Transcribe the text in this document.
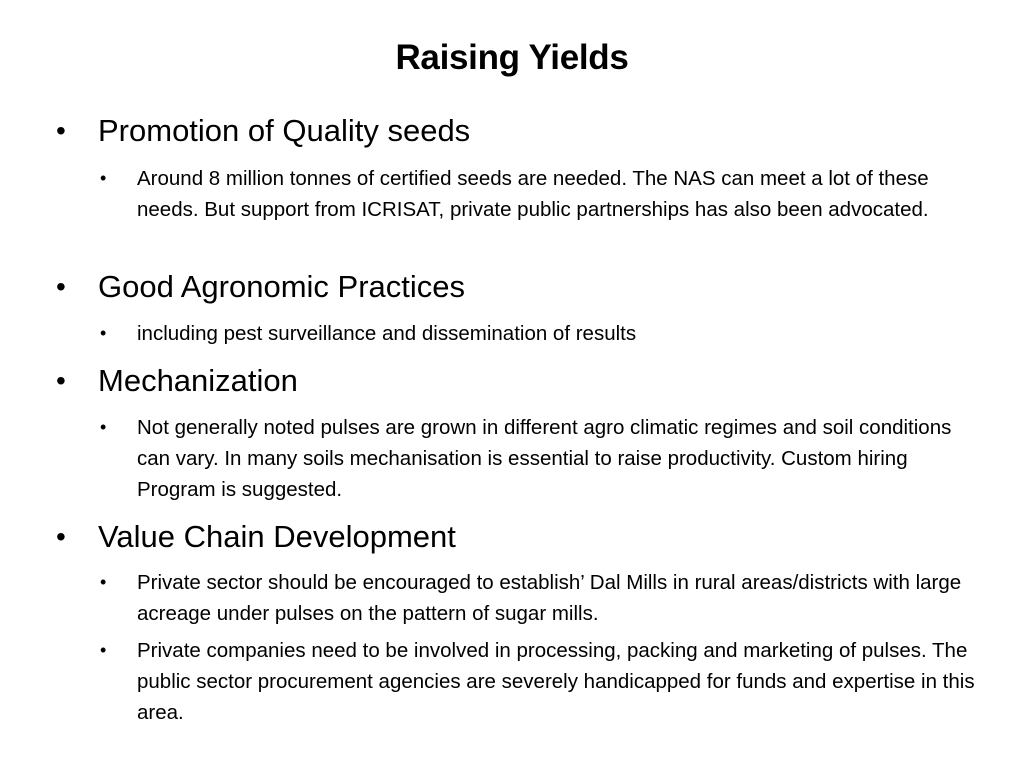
Raising Yields
• Promotion of Quality seeds
• Around 8 million tonnes of certified seeds are needed. The NAS can meet a lot of these needs. But support from ICRISAT, private public partnerships has also been advocated.
• Good Agronomic Practices
• including pest surveillance and dissemination of results
• Mechanization
• Not generally noted pulses are grown in different agro climatic regimes and soil conditions can vary. In many soils mechanisation is essential to raise productivity. Custom hiring Program is suggested.
• Value Chain Development
• Private sector should be encouraged to establish’ Dal Mills in rural areas/districts with large acreage under pulses on the pattern of sugar mills.
• Private companies need to be involved in processing, packing and marketing of pulses. The public sector procurement agencies are severely handicapped for funds and expertise in this area.
